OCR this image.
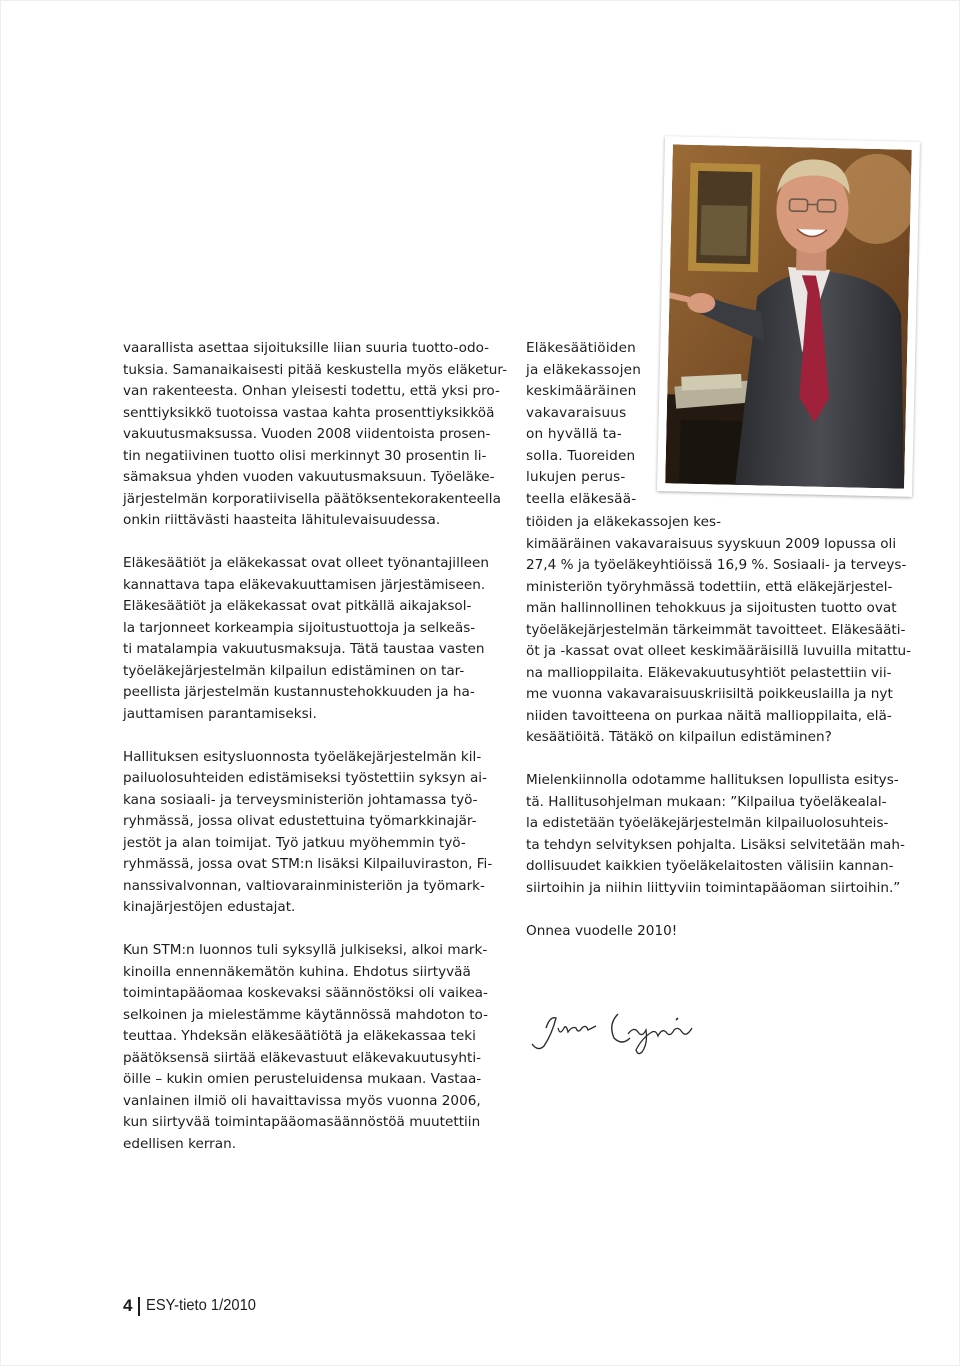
vaarallista asettaa sijoituksille liian suuria tuotto-odo-
tuksia. Samanaikaisesti pitää keskustella myös eläketur-
van rakenteesta. Onhan yleisesti todettu, että yksi pro-
senttiyksikkö tuotoissa vastaa kahta prosenttiyksikköä
vakuutusmaksussa. Vuoden 2008 viidentoista prosen-
tin negatiivinen tuotto olisi merkinnyt 30 prosentin li-
sämaksua yhden vuoden vakuutusmaksuun. Työeläke-
järjestelmän korporatiivisella päätöksentekorakenteella
onkin riittävästi haasteita lähitulevaisuudessa.
Eläkesäätiöt ja eläkekassat ovat olleet työnantajilleen
kannattava tapa eläkevakuuttamisen järjestämiseen.
Eläkesäätiöt ja eläkekassat ovat pitkällä aikajaksol-
la tarjonneet korkeampia sijoitustuottoja ja selkeäs-
ti matalampia vakuutusmaksuja. Tätä taustaa vasten
työeläkejärjestelmän kilpailun edistäminen on tar-
peellista järjestelmän kustannustehokkuuden ja ha-
jauttamisen parantamiseksi.
Hallituksen esitysluonnosta työeläkejärjestelmän kil-
pailuolosuhteiden edistämiseksi työstettiin syksyn ai-
kana sosiaali- ja terveysministeriön johtamassa työ-
ryhmässä, jossa olivat edustettuina työmarkkinajär-
jestöt ja alan toimijat. Työ jatkuu myöhemmin työ-
ryhmässä, jossa ovat STM:n lisäksi Kilpailuviraston, Fi-
nanssivalvonnan, valtiovarainministeriön ja työmark-
kinajärjestöjen edustajat.
Kun STM:n luonnos tuli syksyllä julkiseksi, alkoi mark-
kinoilla ennennäkemätön kuhina. Ehdotus siirtyvää
toimintapääomaa koskevaksi säännöstöksi oli vaikea-
selkoinen ja mielestämme käytännössä mahdoton to-
teuttaa. Yhdeksän eläkesäätiötä ja eläkekassaa teki
päätöksensä siirtää eläkevastuut eläkevakuutusyhti-
öille – kukin omien perusteluidensa mukaan. Vastaa-
vanlainen ilmiö oli havaittavissa myös vuonna 2006,
kun siirtyvää toimintapääomasäännöstöä muutettiin
edellisen kerran.
Eläkesäätiöiden
ja eläkekassojen
keskimääräinen
vakavaraisuus
on hyvällä ta-
solla. Tuoreiden
lukujen perus-
teella eläkesää-
tiöiden ja eläkekassojen kes-
kimääräinen vakavaraisuus syyskuun 2009 lopussa oli
27,4 % ja työeläkeyhtiöissä 16,9 %. Sosiaali- ja terveys-
ministeriön työryhmässä todettiin, että eläkejärjestel-
män hallinnollinen tehokkuus ja sijoitusten tuotto ovat
työeläkejärjestelmän tärkeimmät tavoitteet. Eläkesääti-
öt ja -kassat ovat olleet keskimääräisillä luvuilla mitattu-
na mallioppilaita. Eläkevakuutusyhtiöt pelastettiin vii-
me vuonna vakavaraisuuskriisiltä poikkeuslailla ja nyt
niiden tavoitteena on purkaa näitä mallioppilaita, elä-
kesäätiöitä. Tätäkö on kilpailun edistäminen?
Mielenkiinnolla odotamme hallituksen lopullista esitys-
tä. Hallitusohjelman mukaan: ”Kilpailua työeläkealal-
la edistetään työeläkejärjestelmän kilpailuolosuhteis-
ta tehdyn selvityksen pohjalta. Lisäksi selvitetään mah-
dollisuudet kaikkien työeläkelaitosten välisiin kannan-
siirtoihin ja niihin liittyviin toimintapääoman siirtoihin.”
Onnea vuodelle 2010!
4 ESY-tieto 1/2010
